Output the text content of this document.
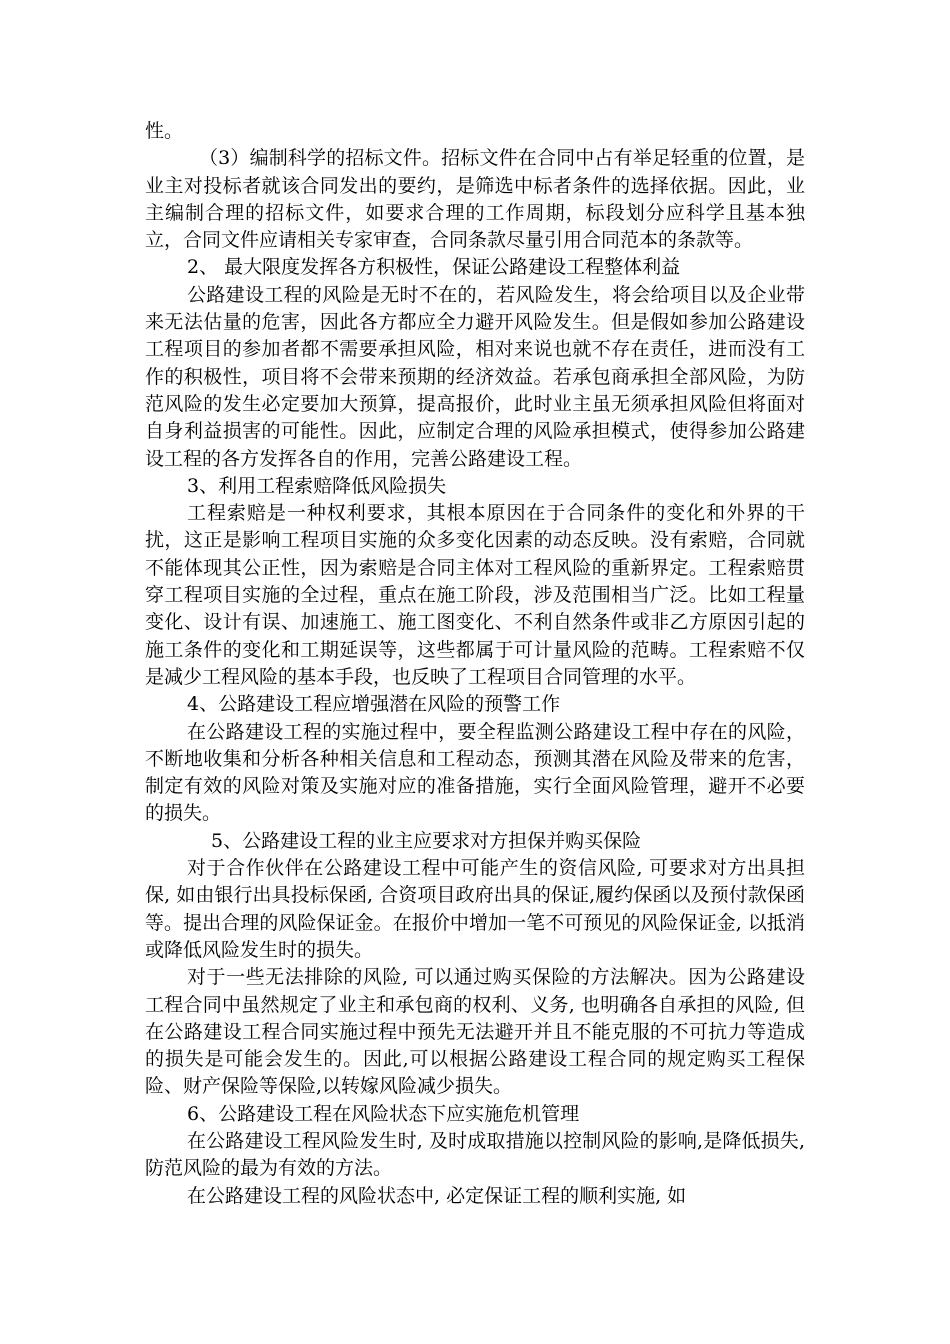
性。

（3）编制科学的招标文件。招标文件在合同中占有举足轻重的位置，是业主对投标者就该合同发出的要约，是筛选中标者条件的选择依据。因此，业主编制合理的招标文件，如要求合理的工作周期，标段划分应科学且基本独立，合同文件应请相关专家审查，合同条款尽量引用合同范本的条款等。

2、 最大限度发挥各方积极性，保证公路建设工程整体利益

公路建设工程的风险是无时不在的，若风险发生，将会给项目以及企业带来无法估量的危害，因此各方都应全力避开风险发生。但是假如参加公路建设工程项目的参加者都不需要承担风险，相对来说也就不存在责任，进而没有工作的积极性，项目将不会带来预期的经济效益。若承包商承担全部风险，为防范风险的发生必定要加大预算，提高报价，此时业主虽无须承担风险但将面对自身利益损害的可能性。因此，应制定合理的风险承担模式，使得参加公路建设工程的各方发挥各自的作用，完善公路建设工程。

3、利用工程索赔降低风险损失

工程索赔是一种权利要求，其根本原因在于合同条件的变化和外界的干扰，这正是影响工程项目实施的众多变化因素的动态反映。没有索赔，合同就不能体现其公正性，因为索赔是合同主体对工程风险的重新界定。工程索赔贯穿工程项目实施的全过程，重点在施工阶段，涉及范围相当广泛。比如工程量变化、设计有误、加速施工、施工图变化、不利自然条件或非乙方原因引起的施工条件的变化和工期延误等，这些都属于可计量风险的范畴。工程索赔不仅是减少工程风险的基本手段，也反映了工程项目合同管理的水平。

4、公路建设工程应增强潜在风险的预警工作

在公路建设工程的实施过程中，要全程监测公路建设工程中存在的风险，不断地收集和分析各种相关信息和工程动态，预测其潜在风险及带来的危害，制定有效的风险对策及实施对应的准备措施，实行全面风险管理，避开不必要的损失。

5、公路建设工程的业主应要求对方担保并购买保险

对于合作伙伴在公路建设工程中可能产生的资信风险, 可要求对方出具担保, 如由银行出具投标保函, 合资项目政府出具的保证,履约保函以及预付款保函等。提出合理的风险保证金。在报价中增加一笔不可预见的风险保证金, 以抵消或降低风险发生时的损失。

对于一些无法排除的风险, 可以通过购买保险的方法解决。因为公路建设工程合同中虽然规定了业主和承包商的权利、义务, 也明确各自承担的风险, 但在公路建设工程合同实施过程中预先无法避开并且不能克服的不可抗力等造成的损失是可能会发生的。因此,可以根据公路建设工程合同的规定购买工程保险、财产保险等保险,以转嫁风险减少损失。

6、公路建设工程在风险状态下应实施危机管理

在公路建设工程风险发生时, 及时成取措施以控制风险的影响,是降低损失, 防范风险的最为有效的方法。

在公路建设工程的风险状态中, 必定保证工程的顺利实施, 如
